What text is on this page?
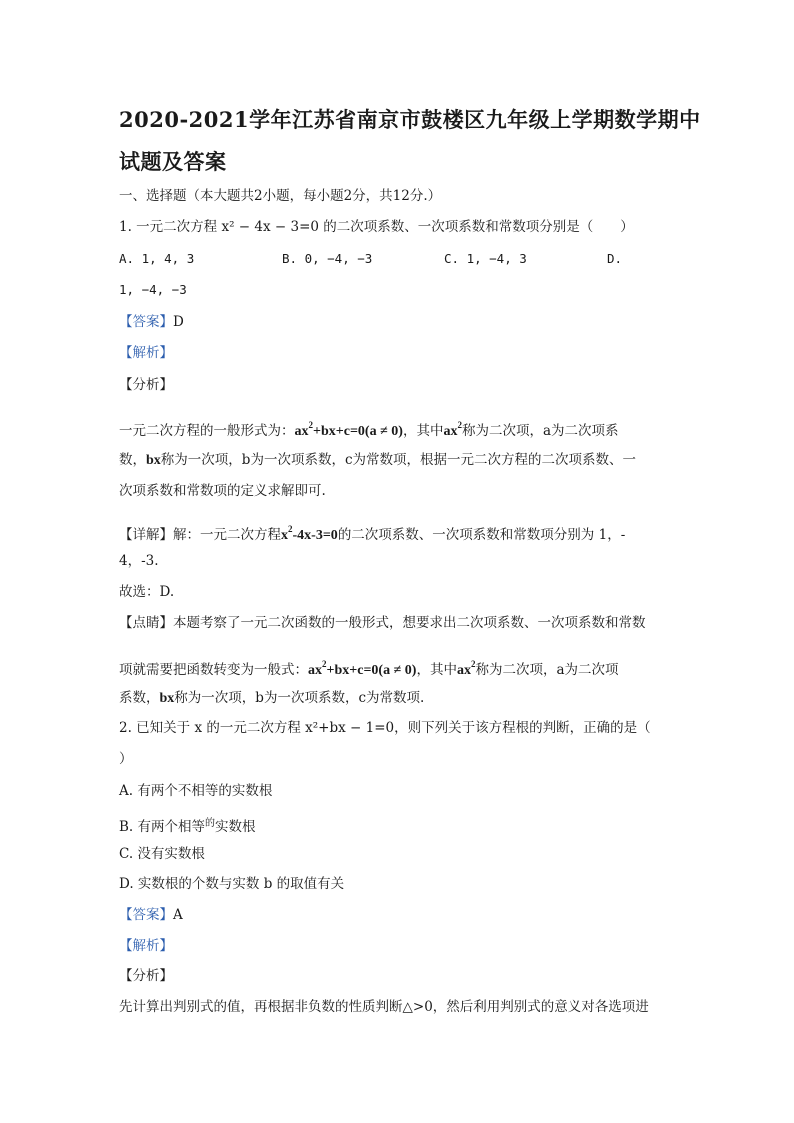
2020-2021学年江苏省南京市鼓楼区九年级上学期数学期中
试题及答案
一、选择题（本大题共2小题，每小题2分，共12分.）
1. 一元二次方程 x² − 4x − 3=0 的二次项系数、一次项系数和常数项分别是（　　）
A. 1, 4, 3	B. 0, −4, −3	C. 1, −4, 3	D.
1, −4, −3
【答案】D
【解析】
【分析】
一元二次方程的一般形式为：$ax^2+bx+c=0(a \ne 0)$，其中$ax^2$称为二次项，a为二次项系
数，bx称为一次项，b为一次项系数，c为常数项，根据一元二次方程的二次项系数、一
次项系数和常数项的定义求解即可.
【详解】解：一元二次方程$x^2-4x-3=0$的二次项系数、一次项系数和常数项分别为 1，-
4，-3.
故选：D.
【点睛】本题考察了一元二次函数的一般形式，想要求出二次项系数、一次项系数和常数
项就需要把函数转变为一般式：$ax^2+bx+c=0(a \ne 0)$，其中$ax^2$称为二次项，a为二次项
系数，bx称为一次项，b为一次项系数，c为常数项.
2. 已知关于 x 的一元二次方程 x²+bx − 1=0，则下列关于该方程根的判断，正确的是（
）
A. 有两个不相等的实数根
B. 有两个相等$^的$实数根
C. 没有实数根
D. 实数根的个数与实数 b 的取值有关
【答案】A
【解析】
【分析】
先计算出判别式的值，再根据非负数的性质判断△>0，然后利用判别式的意义对各选项进
